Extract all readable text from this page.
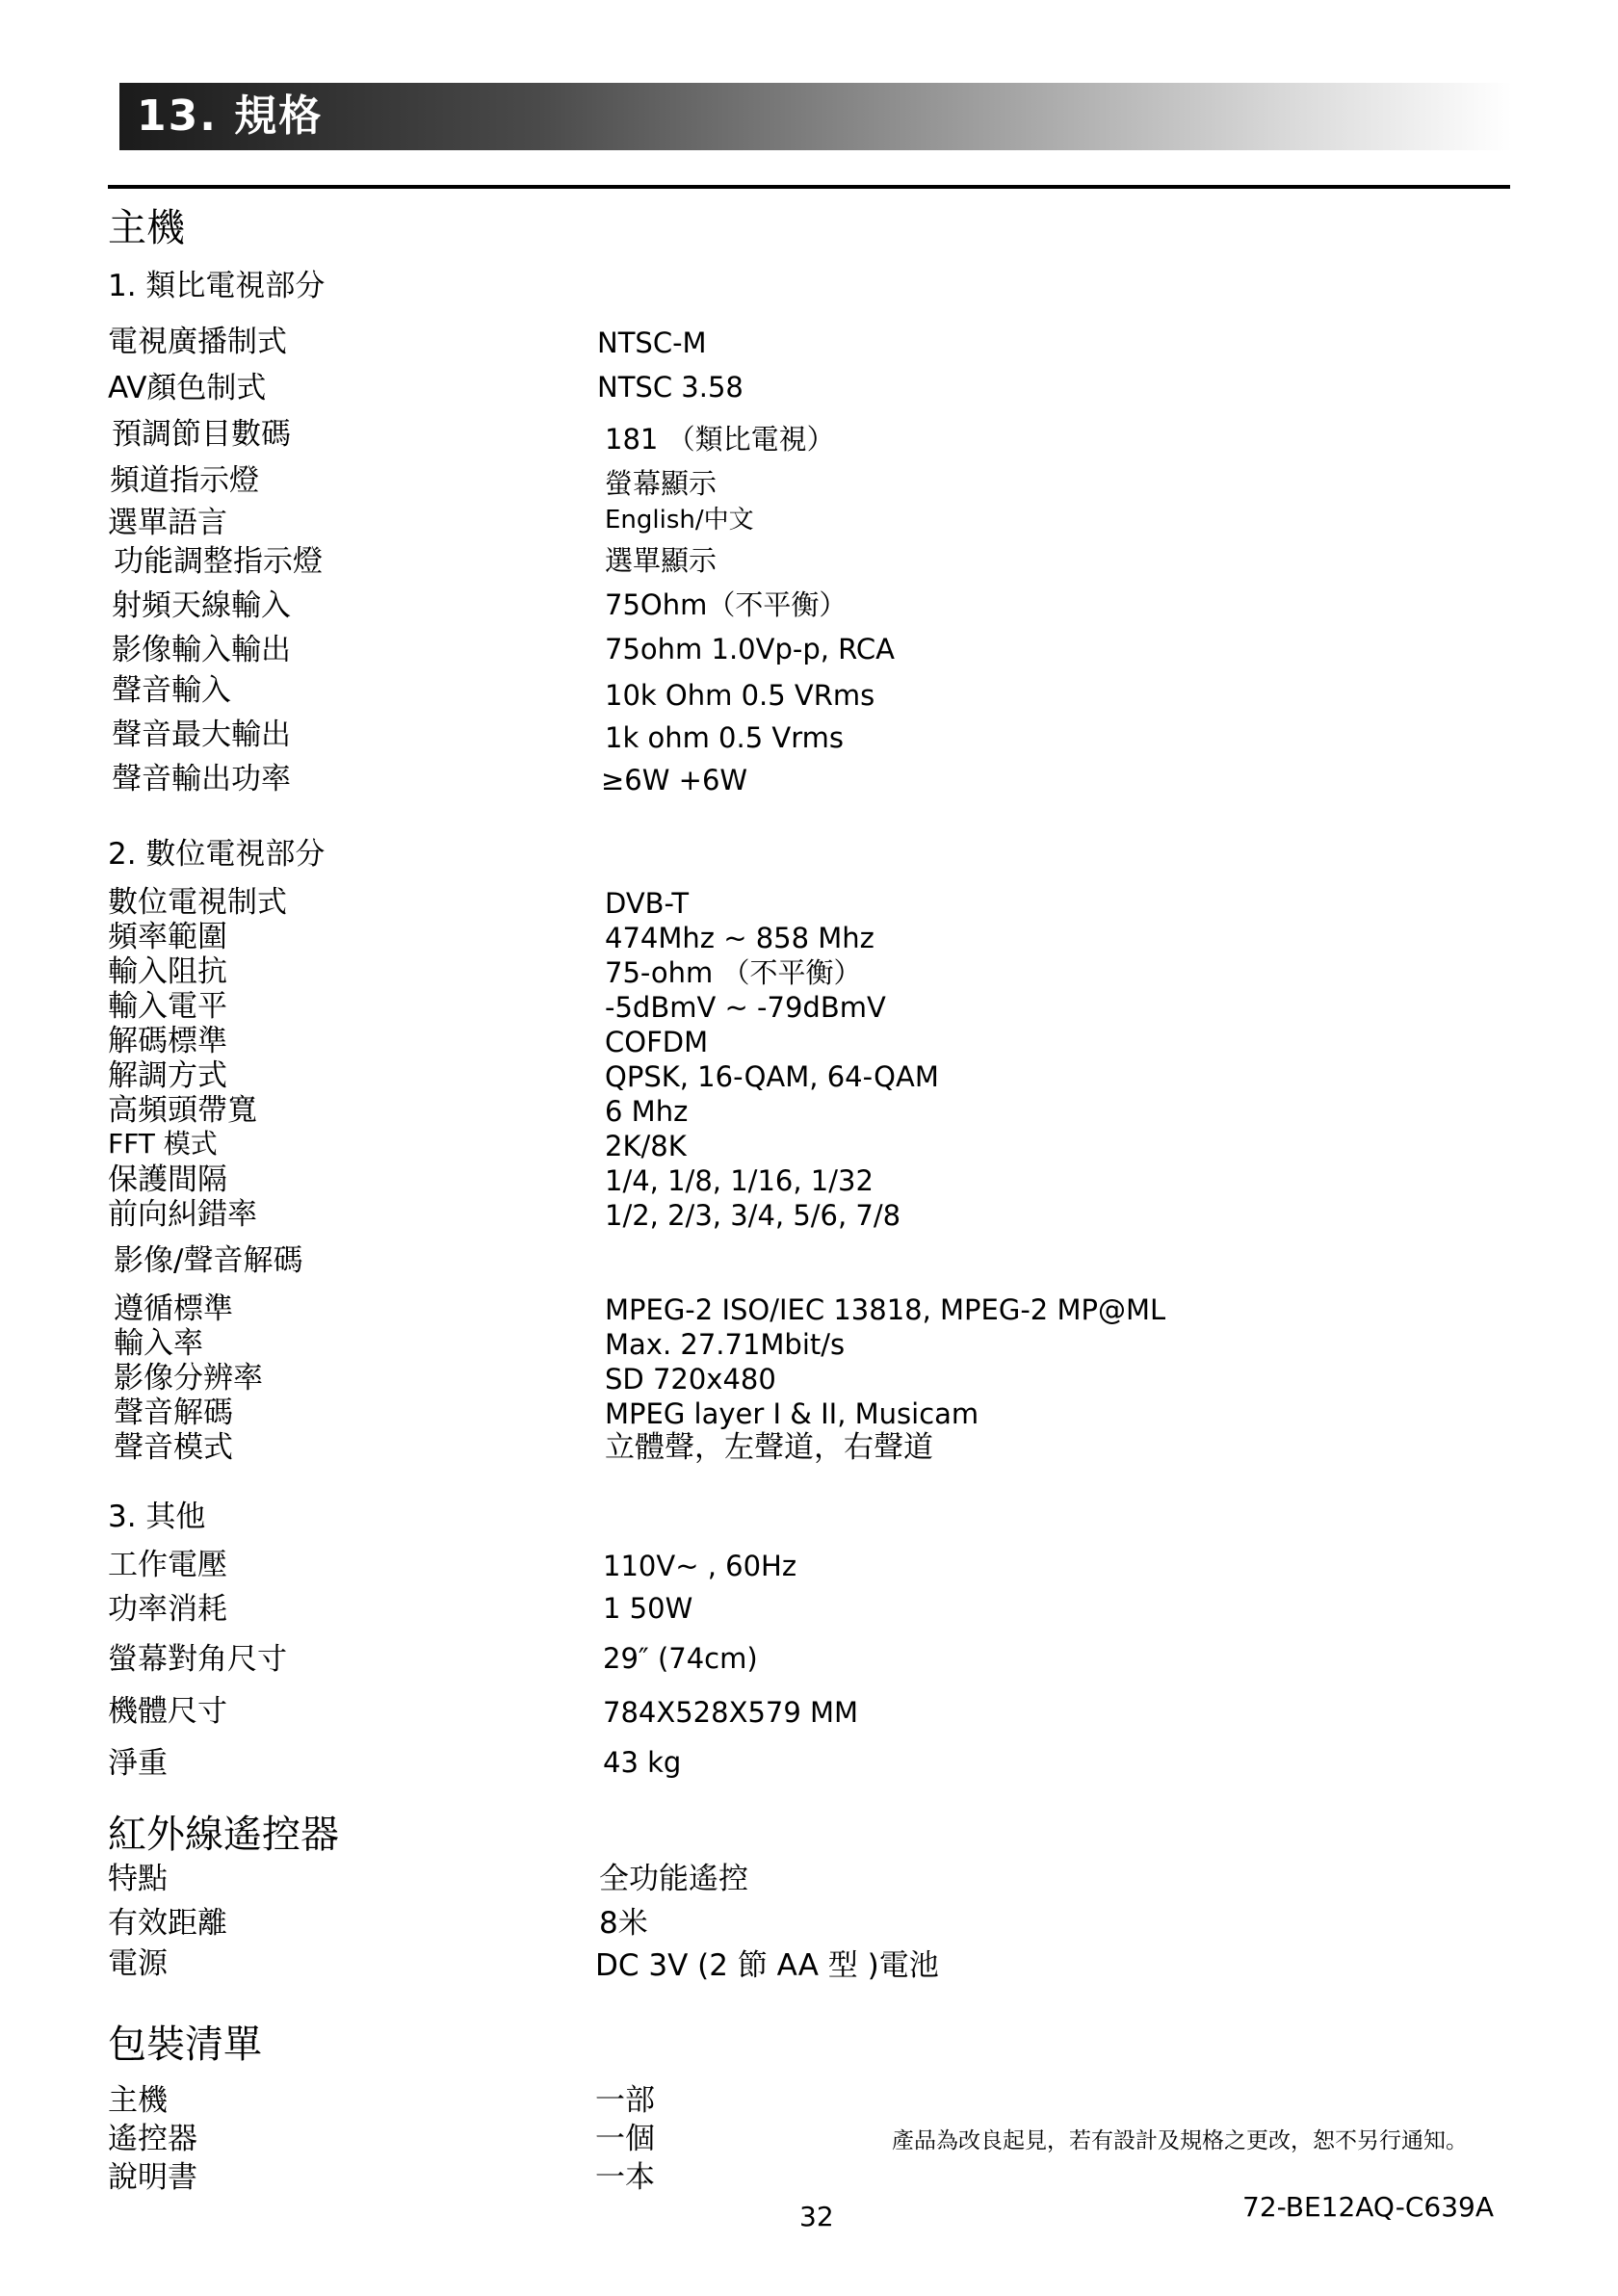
13. 規格
主機
1. 類比電視部分
電視廣播制式	NTSC-M
AV顏色制式	NTSC 3.58
預調節目數碼	181 （類比電視）
頻道指示燈	螢幕顯示
選單語言	English/中文
功能調整指示燈	選單顯示
射頻天線輸入	75Ohm（不平衡）
影像輸入輸出	75ohm 1.0Vp-p, RCA
聲音輸入	10k Ohm 0.5 VRms
聲音最大輸出	1k ohm 0.5 Vrms
聲音輸出功率	≥6W +6W
2. 數位電視部分
數位電視制式	DVB-T
頻率範圍	474Mhz ~ 858 Mhz
輸入阻抗	75-ohm （不平衡）
輸入電平	-5dBmV ~ -79dBmV
解碼標準	COFDM
解調方式	QPSK, 16-QAM, 64-QAM
高頻頭帶寬	6 Mhz
FFT 模式	2K/8K
保護間隔	1/4, 1/8, 1/16, 1/32
前向糾錯率	1/2, 2/3, 3/4, 5/6, 7/8
影像/聲音解碼
遵循標準	MPEG-2 ISO/IEC 13818, MPEG-2 MP@ML
輸入率	Max. 27.71Mbit/s
影像分辨率	SD 720x480
聲音解碼	MPEG layer I & II, Musicam
聲音模式	立體聲，左聲道，右聲道
3. 其他
工作電壓	110V~ , 60Hz
功率消耗	1 50W
螢幕對角尺寸	29″ (74cm)
機體尺寸	784X528X579 MM
淨重	43 kg
紅外線遙控器
特點	全功能遙控
有效距離	8米
電源	DC 3V (2 節 AA 型 )電池
包裝清單
主機	一部
遙控器	一個
說明書	一本
產品為改良起見，若有設計及規格之更改，恕不另行通知。
32	72-BE12AQ-C639A
